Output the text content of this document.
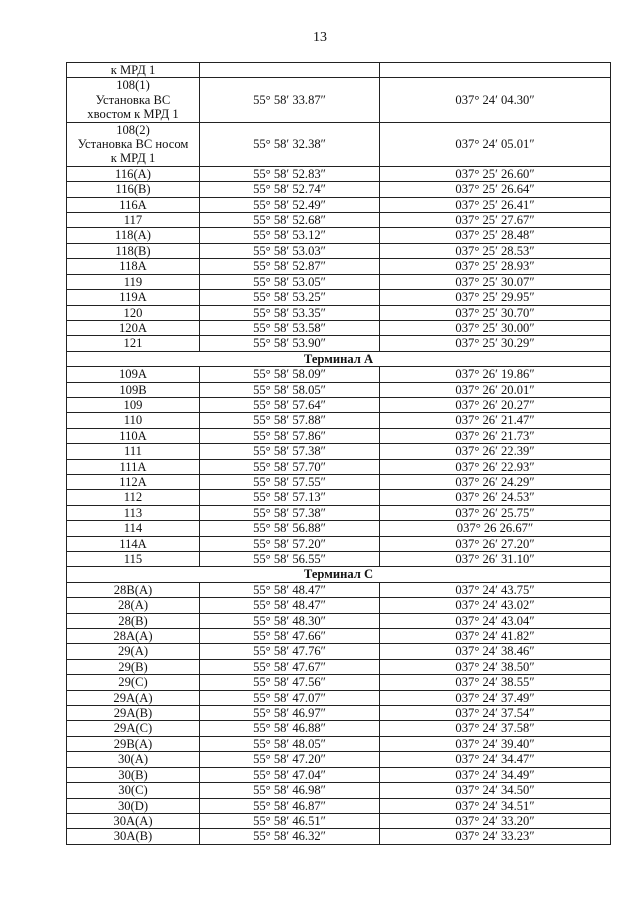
13
к МРД 1		

108(1)
Установка ВС
хвостом к МРД 1	55° 58′ 33.87″	037° 24′ 04.30″

108(2)
Установка ВС носом
к МРД 1	55° 58′ 32.38″	037° 24′ 05.01″
116(А)	55° 58′ 52.83″	037° 25′ 26.60″
116(В)	55° 58′ 52.74″	037° 25′ 26.64″
116А	55° 58′ 52.49″	037° 25′ 26.41″
117	55° 58′ 52.68″	037° 25′ 27.67″
118(А)	55° 58′ 53.12″	037° 25′ 28.48″
118(В)	55° 58′ 53.03″	037° 25′ 28.53″
118А	55° 58′ 52.87″	037° 25′ 28.93″
119	55° 58′ 53.05″	037° 25′ 30.07″
119А	55° 58′ 53.25″	037° 25′ 29.95″
120	55° 58′ 53.35″	037° 25′ 30.70″
120А	55° 58′ 53.58″	037° 25′ 30.00″
121	55° 58′ 53.90″	037° 25′ 30.29″
Терминал А		
109А	55° 58′ 58.09″	037° 26′ 19.86″
109В	55° 58′ 58.05″	037° 26′ 20.01″
109	55° 58′ 57.64″	037° 26′ 20.27″
110	55° 58′ 57.88″	037° 26′ 21.47″
110А	55° 58′ 57.86″	037° 26′ 21.73″
111	55° 58′ 57.38″	037° 26′ 22.39″
111А	55° 58′ 57.70″	037° 26′ 22.93″
112А	55° 58′ 57.55″	037° 26′ 24.29″
112	55° 58′ 57.13″	037° 26′ 24.53″
113	55° 58′ 57.38″	037° 26′ 25.75″
114	55° 58′ 56.88″	037° 26 26.67″
114А	55° 58′ 57.20″	037° 26′ 27.20″
115	55° 58′ 56.55″	037° 26′ 31.10″
Терминал С		
28В(А)	55° 58′ 48.47″	037° 24′ 43.75″
28(А)	55° 58′ 48.47″	037° 24′ 43.02″
28(В)	55° 58′ 48.30″	037° 24′ 43.04″
28А(А)	55° 58′ 47.66″	037° 24′ 41.82″
29(А)	55° 58′ 47.76″	037° 24′ 38.46″
29(В)	55° 58′ 47.67″	037° 24′ 38.50″
29(С)	55° 58′ 47.56″	037° 24′ 38.55″
29А(А)	55° 58′ 47.07″	037° 24′ 37.49″
29А(В)	55° 58′ 46.97″	037° 24′ 37.54″
29А(С)	55° 58′ 46.88″	037° 24′ 37.58″
29В(А)	55° 58′ 48.05″	037° 24′ 39.40″
30(А)	55° 58′ 47.20″	037° 24′ 34.47″
30(В)	55° 58′ 47.04″	037° 24′ 34.49″
30(С)	55° 58′ 46.98″	037° 24′ 34.50″
30(D)	55° 58′ 46.87″	037° 24′ 34.51″
30А(А)	55° 58′ 46.51″	037° 24′ 33.20″
30А(В)	55° 58′ 46.32″	037° 24′ 33.23″
